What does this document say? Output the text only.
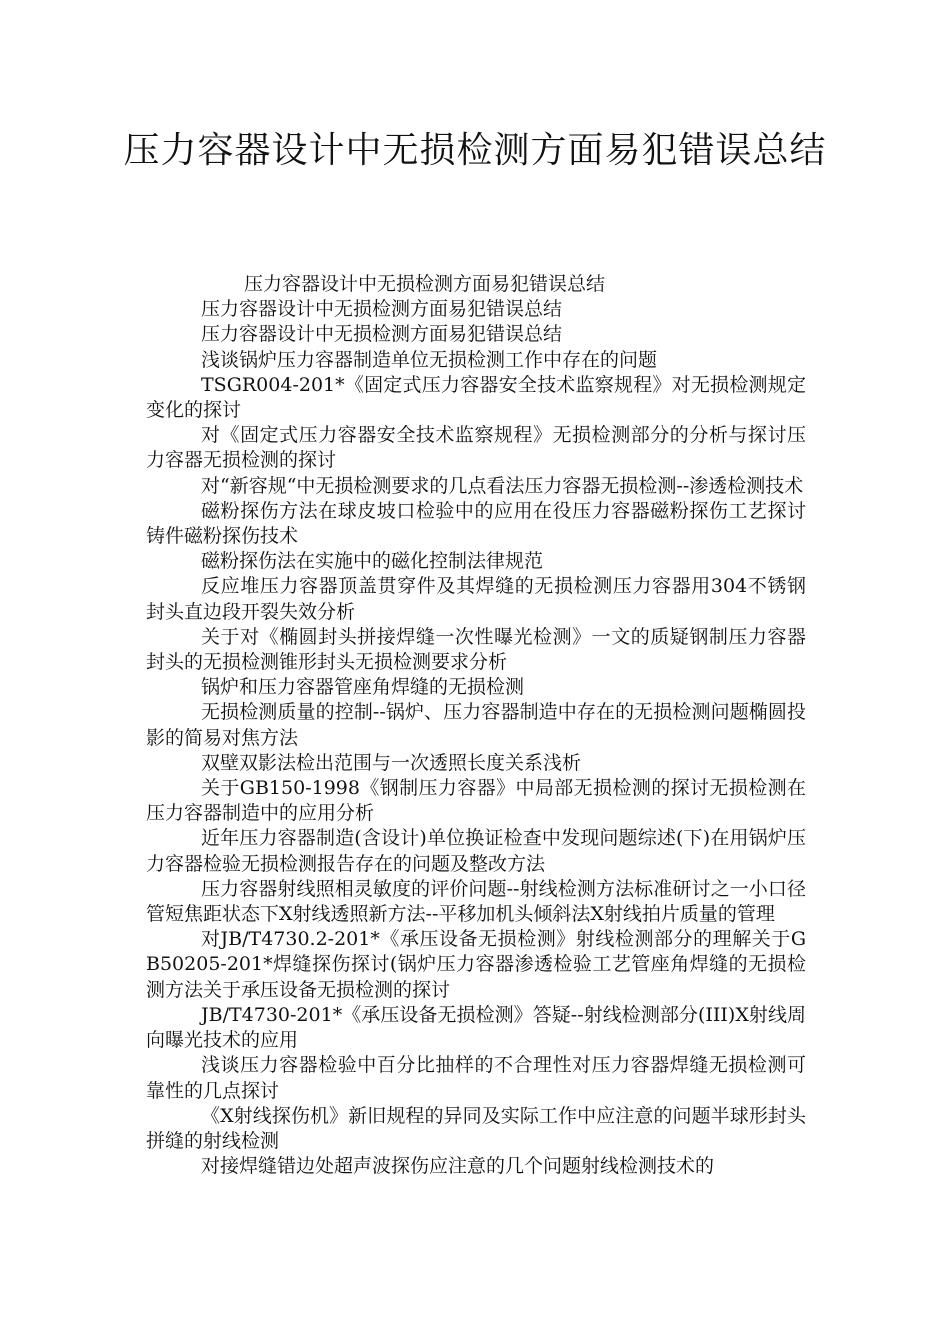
压力容器设计中无损检测方面易犯错误总结

压力容器设计中无损检测方面易犯错误总结

压力容器设计中无损检测方面易犯错误总结

压力容器设计中无损检测方面易犯错误总结

浅谈锅炉压力容器制造单位无损检测工作中存在的问题

TSGR004-201*《固定式压力容器安全技术监察规程》对无损检测规定变化的探讨

对《固定式压力容器安全技术监察规程》无损检测部分的分析与探讨压力容器无损检测的探讨

对“新容规“中无损检测要求的几点看法压力容器无损检测--渗透检测技术

磁粉探伤方法在球皮坡口检验中的应用在役压力容器磁粉探伤工艺探讨铸件磁粉探伤技术

磁粉探伤法在实施中的磁化控制法律规范

反应堆压力容器顶盖贯穿件及其焊缝的无损检测压力容器用304不锈钢封头直边段开裂失效分析

关于对《椭圆封头拼接焊缝一次性曝光检测》一文的质疑钢制压力容器封头的无损检测锥形封头无损检测要求分析

锅炉和压力容器管座角焊缝的无损检测

无损检测质量的控制--锅炉、压力容器制造中存在的无损检测问题椭圆投影的简易对焦方法

双壁双影法检出范围与一次透照长度关系浅析

关于GB150-1998《钢制压力容器》中局部无损检测的探讨无损检测在压力容器制造中的应用分析

近年压力容器制造(含设计)单位换证检查中发现问题综述(下)在用锅炉压力容器检验无损检测报告存在的问题及整改方法

压力容器射线照相灵敏度的评价问题--射线检测方法标准研讨之一小口径管短焦距状态下X射线透照新方法--平移加机头倾斜法X射线拍片质量的管理

对JB/T4730.2-201*《承压设备无损检测》射线检测部分的理解关于GB50205-201*焊缝探伤探讨(锅炉压力容器渗透检验工艺管座角焊缝的无损检测方法关于承压设备无损检测的探讨

JB/T4730-201*《承压设备无损检测》答疑--射线检测部分(III)X射线周向曝光技术的应用

浅谈压力容器检验中百分比抽样的不合理性对压力容器焊缝无损检测可靠性的几点探讨

《X射线探伤机》新旧规程的异同及实际工作中应注意的问题半球形封头拼缝的射线检测

对接焊缝错边处超声波探伤应注意的几个问题射线检测技术的
